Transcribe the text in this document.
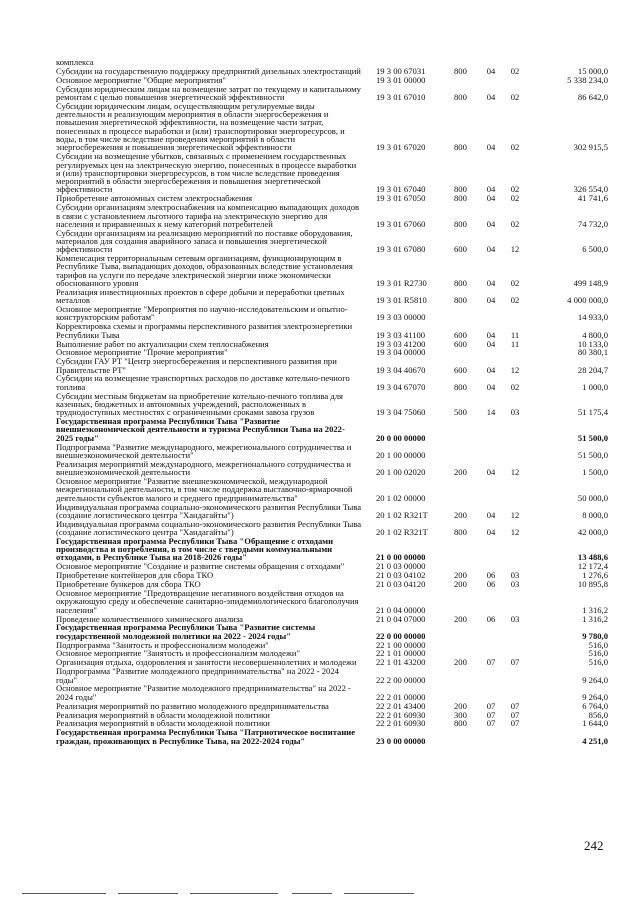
комплекса
Субсидии на государственную поддержку предприятий дизельных электростанций	19 3 00 67031	800	04	02	15 000,0
Основное мероприятие "Общие мероприятия"	19 3 01 00000	5 338 234,0
Субсидии юридическим лицам на возмещение затрат по текущему и капитальному ремонтам с целью повышения энергетической эффективности	19 3 01 67010	800	04	02	86 642,0
Субсидии юридическим лицам, осуществляющим регулируемые виды деятельности и реализующим мероприятия в области энергосбережения и повышения энергетической эффективности, на возмещение части затрат, понесенных в процессе выработки и (или) транспортировки энергоресурсов, и воды, в том числе вследствие проведения мероприятий в области энергосбережения и повышения энергетической эффективности	19 3 01 67020	800	04	02	302 915,5
Субсидии на возмещение убытков, связанных с применением государственных регулируемых цен на электрическую энергию, понесенных в процессе выработки и (или) транспортировки энергоресурсов, в том числе вследствие проведения мероприятий в области энергосбережения и повышения энергетической эффективности	19 3 01 67040	800	04	02	326 554,0
Приобретение автономных систем электроснабжения	19 3 01 67050	800	04	02	41 741,6
Субсидии организациям электроснабжения на компенсацию выпадающих доходов в связи с установлением льготного тарифа на электрическую энергию для населения и приравненных к нему категорий потребителей	19 3 01 67060	800	04	02	74 732,0
Субсидии организациям на реализацию мероприятий по поставке оборудования, материалов для создания аварийного запаса и повышения энергетической эффективности	19 3 01 67080	600	04	12	6 500,0
Компенсация территориальным сетевым организациям, функционирующим в Республике Тыва, выпадающих доходов, образованных вследствие установления тарифов на услуги по передаче электрической энергии ниже экономически обоснованного уровня	19 3 01 R2730	800	04	02	499 148,9
Реализация инвестиционных проектов в сфере добычи и переработки цветных металлов	19 3 01 R5810	800	04	02	4 000 000,0
Основное мероприятие "Мероприятия по научно-исследовательским и опытно-конструкторским работам"	19 3 03 00000	14 933,0
Корректировка схемы и программы перспективного развития электроэнергетики Республики Тыва	19 3 03 41100	600	04	11	4 800,0
Выполнение работ по актуализации схем теплоснабжения	19 3 03 41200	600	04	11	10 133,0
Основное мероприятие "Прочие мероприятия"	19 3 04 00000	80 380,1
Субсидии ГАУ РТ "Центр энергосбережения и перспективного развития при Правительстве РТ"	19 3 04 40670	600	04	12	28 204,7
Субсидии на возмещение транспортных расходов по доставке котельно-печного топлива	19 3 04 67070	800	04	02	1 000,0
Субсидии местным бюджетам на приобретение котельно-печного топлива для казенных, бюджетных и автономных учреждений, расположенных в труднодоступных местностях с ограниченными сроками завоза грузов	19 3 04 75060	500	14	03	51 175,4
Государственная программа Республики Тыва "Развитие внешнеэкономической деятельности и туризма Республики Тыва на 2022-2025 годы"	20 0 00 00000	51 500,0
Подпрограмма "Развитие международного, межрегионального сотрудничества и внешнеэкономической деятельности"	20 1 00 00000	51 500,0
Реализация мероприятий международного, межрегионального сотрудничества и внешнеэкономической деятельности	20 1 00 02020	200	04	12	1 500,0
Основное мероприятие "Развитие внешнеэкономической, международной межрегиональной деятельности, в том числе поддержка выставочно-ярмарочной деятельности субъектов малого и среднего предпринимательства"	20 1 02 00000	50 000,0
Индивидуальная программа социально-экономического развития Республики Тыва (создание логистического центра "Хандагайты")	20 1 02 R321Т	200	04	12	8 000,0
Индивидуальная программа социально-экономического развития Республики Тыва (создание логистического центра "Хандагайты")	20 1 02 R321Т	800	04	12	42 000,0
Государственная программа Республики Тыва "Обращение с отходами производства и потребления, в том числе с твердыми коммунальными отходами, в Республике Тыва на 2018-2026 годы"	21 0 00 00000	13 488,6
Основное мероприятие "Создание и развитие системы обращения с отходами"	21 0 03 00000	12 172,4
Приобретение контейнеров для сбора ТКО	21 0 03 04102	200	06	03	1 276,6
Приобретение бункеров для сбора ТКО	21 0 03 04120	200	06	03	10 895,8
Основное мероприятие "Предотвращение негативного воздействия отходов на окружающую среду и обеспечение санитарно-эпидемиологического благополучия населения"	21 0 04 00000	1 316,2
Проведение количественного химического анализа	21 0 04 07000	200	06	03	1 316,2
Государственная программа Республики Тыва "Развитие системы государственной молодежной политики на 2022 - 2024 годы"	22 0 00 00000	9 780,0
Подпрограмма "Занятость и профессионализм молодежи"	22 1 00 00000	516,0
Основное мероприятие "Занятость и профессионализм молодежи"	22 1 01 00000	516,0
Организация отдыха, оздоровления и занятости несовершеннолетних и молодежи	22 1 01 43200	200	07	07	516,0
Подпрограмма "Развитие молодежного предпринимательства" на 2022 - 2024 годы"	22 2 00 00000	9 264,0
Основное мероприятие "Развитие молодежного предпринимательства" на 2022 - 2024 годы"	22 2 01 00000	9 264,0
Реализация мероприятий по развитию молодежного предпринимательства	22 2 01 43400	200	07	07	6 764,0
Реализация мероприятий в области молодежной политики	22 2 01 60930	300	07	07	856,0
Реализация мероприятий в области молодежной политики	22 2 01 60930	800	07	07	1 644,0
Государственная программа Республики Тыва "Патриотическое воспитание граждан, проживающих в Республике Тыва, на 2022-2024 годы"	23 0 00 00000	4 251,0
242
